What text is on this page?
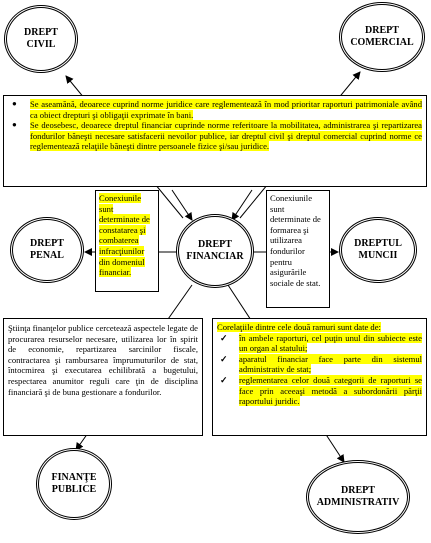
DREPT
CIVIL
DREPT
COMERCIAL
● Se aseamănă, deoarece cuprind norme juridice care reglementează în mod prioritar raporturi patrimoniale având ca obiect drepturi şi obligaţii exprimate în bani.
● Se deosebesc, deoarece dreptul financiar cuprinde norme referitoare la mobilitatea, administrarea şi repartizarea fondurilor băneşti necesare satisfacerii nevoilor publice, iar dreptul civil şi dreptul comercial cuprind norme ce reglementează relaţiile băneşti dintre persoanele fizice şi/sau juridice.
Conexiunile sunt determinate de constatarea şi combaterea infracţiunilor din domeniul financiar.
Conexiunile sunt determinate de formarea şi utilizarea fondurilor pentru asigurările sociale de stat.
DREPT
PENAL
DREPT
FINANCIAR
DREPTUL
MUNCII
Ştiinţa finanţelor publice cercetează aspectele legate de procurarea resurselor necesare, utilizarea lor în spirit de economie, repartizarea sarcinilor fiscale, contractarea şi rambursarea împrumuturilor de stat, întocmirea şi executarea echilibrată a bugetului, respectarea anumitor reguli care ţin de disciplina financiară şi de buna gestionare a fondurilor.
Corelaţiile dintre cele două ramuri sunt date de:
✓ în ambele raporturi, cel puţin unul din subiecte este un organ al statului;
✓ aparatul financiar face parte din sistemul administrativ de stat;
✓ reglementarea celor două categorii de raporturi se face prin aceeaşi metodă a subordonării părţii raportului juridic.
FINANŢE
PUBLICE	DREPT
ADMINISTRATIV
